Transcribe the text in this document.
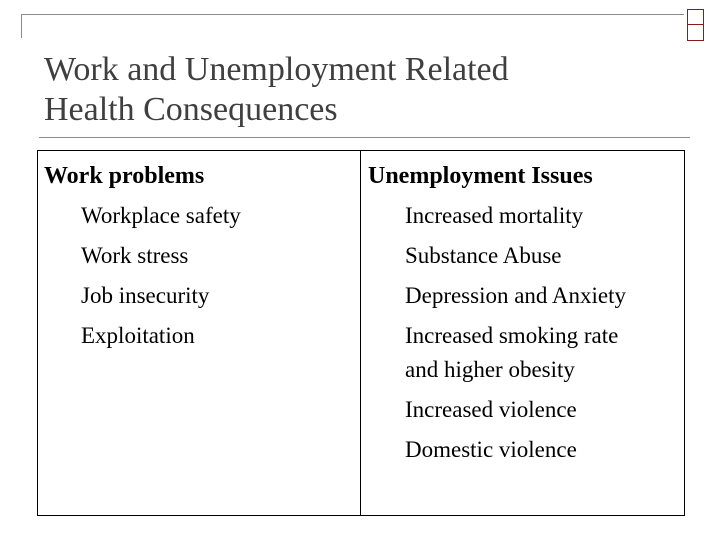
Work and Unemployment Related
Health Consequences
Work problems
Workplace safety
Work stress
Job insecurity
Exploitation
Unemployment Issues
Increased mortality
Substance Abuse
Depression and Anxiety
Increased smoking rate
and higher obesity
Increased violence
Domestic violence
